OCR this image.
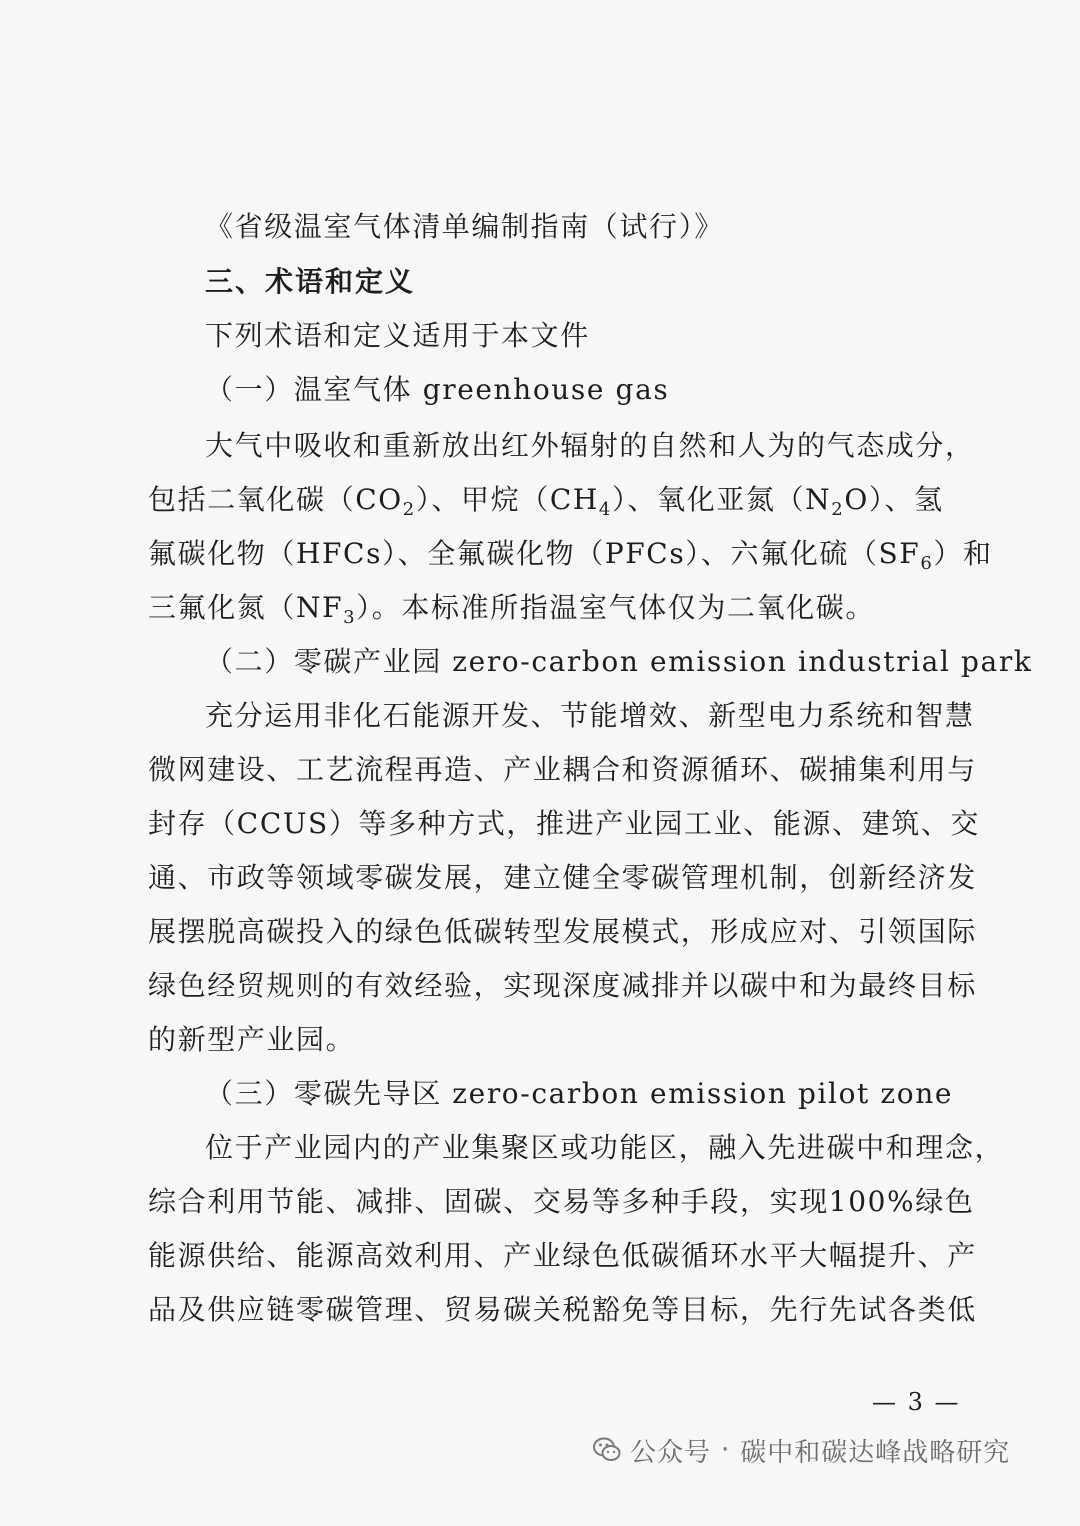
《省级温室气体清单编制指南（试行）》
三、术语和定义
下列术语和定义适用于本文件
（一）温室气体 greenhouse gas
大气中吸收和重新放出红外辐射的自然和人为的气态成分，
包括二氧化碳$(CO_2)$、甲烷$(CH_4)$、氧化亚氮$(N_2O)$、氢
氟碳化物（HFCs）、全氟碳化物（PFCs）、六氟化硫$(SF_6)$和
三氟化氮$(NF_3)$。本标准所指温室气体仅为二氧化碳。
（二）零碳产业园 zero-carbon emission industrial park
充分运用非化石能源开发、节能增效、新型电力系统和智慧
微网建设、工艺流程再造、产业耦合和资源循环、碳捕集利用与
封存（CCUS）等多种方式，推进产业园工业、能源、建筑、交
通、市政等领域零碳发展，建立健全零碳管理机制，创新经济发
展摆脱高碳投入的绿色低碳转型发展模式，形成应对、引领国际
绿色经贸规则的有效经验，实现深度减排并以碳中和为最终目标
的新型产业园。
（三）零碳先导区 zero-carbon emission pilot zone
位于产业园内的产业集聚区或功能区，融入先进碳中和理念，
综合利用节能、减排、固碳、交易等多种手段，实现100%绿色
能源供给、能源高效利用、产业绿色低碳循环水平大幅提升、产
品及供应链零碳管理、贸易碳关税豁免等目标，先行先试各类低
— 3 —
公众号 · 碳中和碳达峰战略研究
